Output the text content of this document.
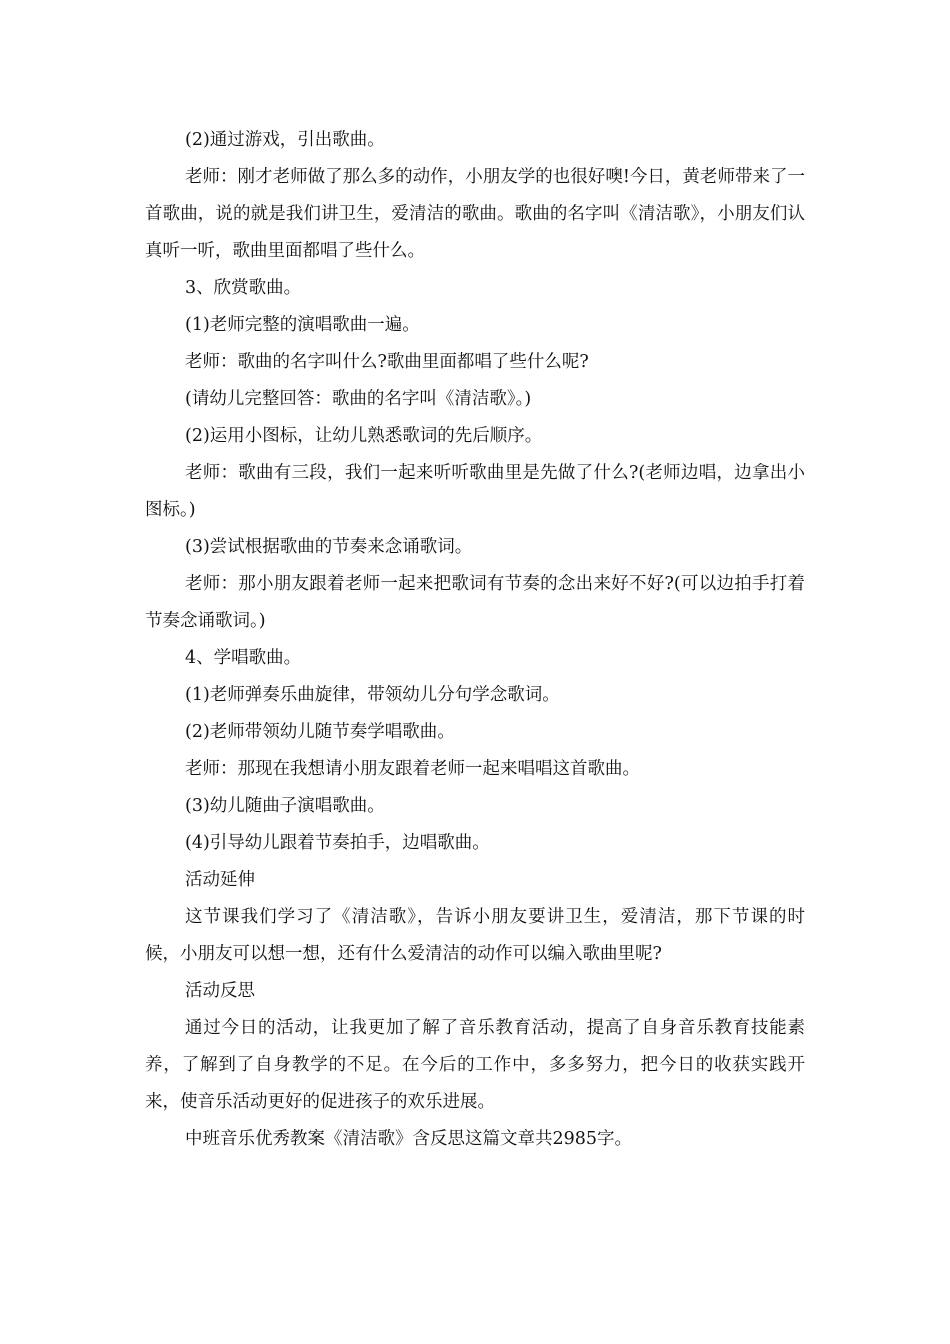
(2)通过游戏，引出歌曲。

老师：刚才老师做了那么多的动作，小朋友学的也很好噢!今日，黄老师带来了一首歌曲，说的就是我们讲卫生，爱清洁的歌曲。歌曲的名字叫《清洁歌》，小朋友们认真听一听，歌曲里面都唱了些什么。

3、欣赏歌曲。

(1)老师完整的演唱歌曲一遍。

老师：歌曲的名字叫什么?歌曲里面都唱了些什么呢?

(请幼儿完整回答：歌曲的名字叫《清洁歌》。)

(2)运用小图标，让幼儿熟悉歌词的先后顺序。

老师：歌曲有三段，我们一起来听听歌曲里是先做了什么?(老师边唱，边拿出小图标。)

(3)尝试根据歌曲的节奏来念诵歌词。

老师：那小朋友跟着老师一起来把歌词有节奏的念出来好不好?(可以边拍手打着节奏念诵歌词。)

4、学唱歌曲。

(1)老师弹奏乐曲旋律，带领幼儿分句学念歌词。

(2)老师带领幼儿随节奏学唱歌曲。

老师：那现在我想请小朋友跟着老师一起来唱唱这首歌曲。

(3)幼儿随曲子演唱歌曲。

(4)引导幼儿跟着节奏拍手，边唱歌曲。

活动延伸

这节课我们学习了《清洁歌》，告诉小朋友要讲卫生，爱清洁，那下节课的时候，小朋友可以想一想，还有什么爱清洁的动作可以编入歌曲里呢?

活动反思

通过今日的活动，让我更加了解了音乐教育活动，提高了自身音乐教育技能素养，了解到了自身教学的不足。在今后的工作中，多多努力，把今日的收获实践开来，使音乐活动更好的促进孩子的欢乐进展。

中班音乐优秀教案《清洁歌》含反思这篇文章共2985字。
